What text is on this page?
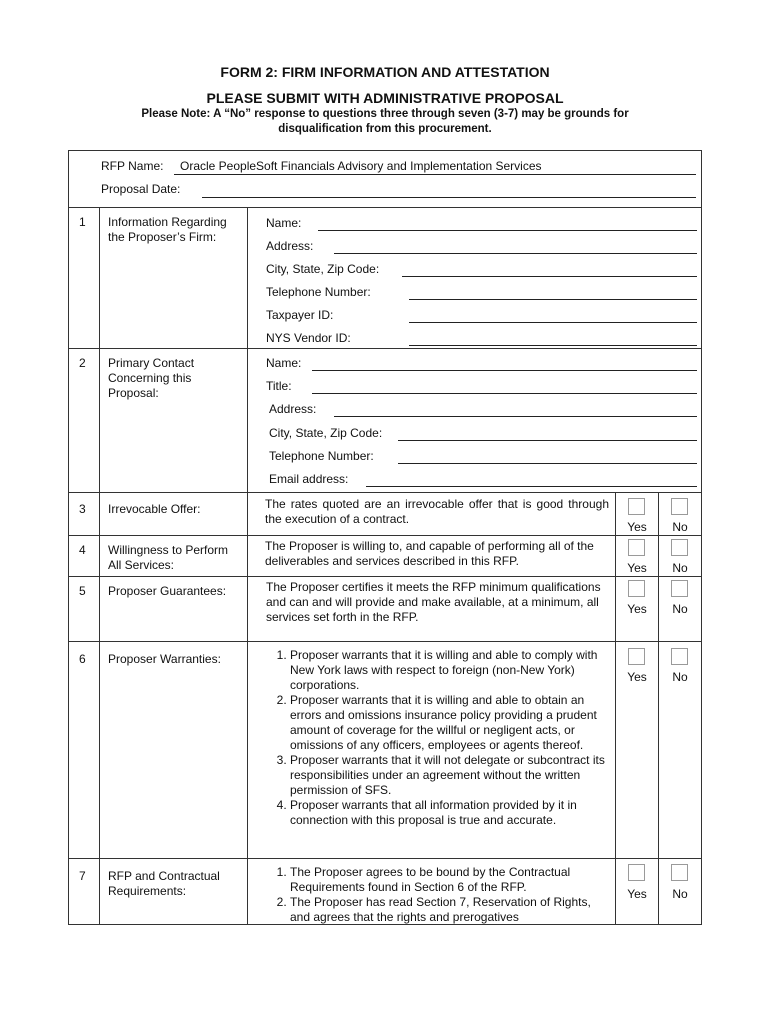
FORM 2: FIRM INFORMATION AND ATTESTATION
PLEASE SUBMIT WITH ADMINISTRATIVE PROPOSAL
Please Note: A “No” response to questions three through seven (3-7) may be grounds for disqualification from this procurement.
RFP Name: Oracle PeopleSoft Financials Advisory and Implementation Services
Proposal Date:
1 Information Regarding the Proposer’s Firm:
Name:
Address:
City, State, Zip Code:
Telephone Number:
Taxpayer ID:
NYS Vendor ID:
2 Primary Contact Concerning this Proposal:
Name:
Title:
Address:
City, State, Zip Code:
Telephone Number:
Email address:
3 Irrevocable Offer:	The rates quoted are an irrevocable offer that is good through the execution of a contract.
Yes	No
4 Willingness to Perform All Services:
The Proposer is willing to, and capable of performing all of the deliverables and services described in this RFP.	Yes	No
5 Proposer Guarantees:	The Proposer certifies it meets the RFP minimum qualifications and can and will provide and make available, at a minimum, all services set forth in the RFP.
Yes	No
6 Proposer Warranties:
1.	Proposer warrants that it is willing and able to comply with New York laws with respect to foreign (non-New York) corporations.
2. Proposer warrants that it is willing and able to obtain an errors and omissions insurance policy providing a prudent amount of coverage for the willful or negligent acts, or omissions of any officers, employees or agents thereof.
3. Proposer warrants that it will not delegate or subcontract its responsibilities under an agreement without the written permission of SFS.
4. Proposer warrants that all information provided by it in connection with this proposal is true and accurate.
Yes	No
7 RFP and Contractual Requirements:
1. The Proposer agrees to be bound by the Contractual Requirements found in Section 6 of the RFP.
2. The Proposer has read Section 7, Reservation of Rights, and agrees that the rights and prerogatives
Yes	No
